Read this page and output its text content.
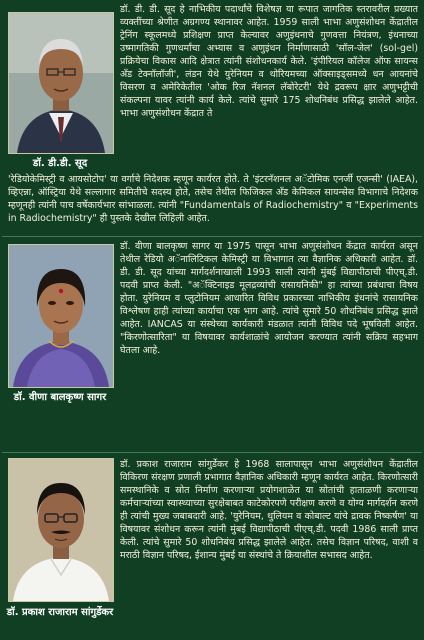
डॉ. डी.डी. सूद

डॉ. डी. डी. सूद हे नाभिकीय पदार्थांचे विशेषज्ञ या रूपात जागतिक स्तरावरील प्रख्यात व्यक्तींच्या श्रेणीत अग्रगण्य स्थानावर आहेत. 1959 साली भाभा अणुसंशोधन केंद्रातील ट्रेनिंग स्कूलमध्ये प्रशिक्षण प्राप्त केल्यावर अणुइंधनाचे गुणवत्ता नियंत्रण, इंधनाच्या उष्मागतिकी गुणधर्मांचा अभ्यास व अणुइंधन निर्माणासाठी 'सॉल-जेल' (sol-gel) प्रक्रियेचा विकास आदि क्षेत्रात त्यांनी संशोधनकार्य केले. 'इंपीरियल कॉलेज ऑफ सायन्स अँड टेक्नॉलॉजी', लंडन येथे युरेनियम व थोरियमच्या ऑक्साइड्समध्ये धन आयनांचे विसरण व अमेरिकेतील 'ओक रिज नॅशनल लॅबोरेटरी' येथे द्रवरूप क्षार अणुभट्टीची संकल्पना यावर त्यांनी कार्य केले. त्यांचे सुमारे 175 शोधनिबंध प्रसिद्ध झालेले आहेत. भाभा अणुसंशोधन केंद्रात ते

'रेडियोकेमिस्ट्री व आयसोटोप' या वर्गाचे निदेशक म्हणून कार्यरत होते. ते 'इंटरनॅशनल अॅटोमिक एनर्जी एजन्सी' (IAEA), व्हिएन्ना, ऑस्ट्रिया येथे सल्लागार समितीचे सदस्य होते, तसेच तेथील फिजिकल अँड केमिकल सायन्सेस विभागाचे निदेशक म्हणूनही त्यांनी पाच वर्षेकार्यभार सांभाळला. त्यांनी "Fundamentals of Radiochemistry" व "Experiments in Radiochemistry" ही पुस्तके देखील लिहिली आहेत.

डॉ. वीणा बालकृष्ण सागर

डॉ. वीणा बालकृष्ण सागर या 1975 पासून भाभा अणुसंशोधन केंद्रात कार्यरत असून तेथील रेडियो अॅनालिटिकल केमिस्ट्री या विभागात त्या वैज्ञानिक अधिकारी आहेत. डॉ. डी. डी. सूद यांच्या मार्गदर्शनाखाली 1993 साली त्यांनी मुंबई विद्यापीठाची पीएच्.डी. पदवी प्राप्त केली. "अॅक्टिनाइड मूलद्रव्यांची रासायनिकी" हा त्यांच्या प्रबंधाचा विषय होता. युरेनियम व प्लुटोनियम आधारित विविध प्रकारच्या नाभिकीय इंधनांचे रासायनिक विश्लेषण हाही त्यांच्या कार्याचा एक भाग आहे. त्यांचे सुमारे 50 शोधनिबंध प्रसिद्ध झाले आहेत. IANCAS या संस्थेच्या कार्यकारी मंडळात त्यांनी विविध पदे भूषविली आहेत. "किरणोत्सारिता" या विषयावर कार्यशाळांचे आयोजन करण्यात त्यांनी सक्रिय सहभाग घेतला आहे.

डॉ. प्रकाश राजाराम सांगुर्डेकर

डॉ. प्रकाश राजाराम सांगुर्डेकर हे 1968 सालापासून भाभा अणुसंशोधन केंद्रातील विकिरण संरक्षण प्रणाली प्रभागात वैज्ञानिक अधिकारी म्हणून कार्यरत आहेत. किरणोत्सारी समस्थानिके व स्रोत निर्माण करणाऱ्या प्रयोगशाळेत या स्रोतांची हाताळणी करणाऱ्या कर्मचाऱ्यांच्या स्वास्थ्याच्या सुरक्षेबाबत काटेकोरपणे परीक्षण करणे व योग्य मार्गदर्शन करणे ही त्यांची मुख्य जबाबदारी आहे. 'युरेनियम, थुलियम व कोबाल्ट यांचे द्रावक निष्कर्षण' या विषयावर संशोधन करून त्यांनी मुंबई विद्यापीठाची पीएच्.डी. पदवी 1986 साली प्राप्त केली. त्यांचे सुमारे 50 शोधनिबंध प्रसिद्ध झालेले आहेत. तसेच विज्ञान परिषद, वाशी व मराठी विज्ञान परिषद, ईशान्य मुंबई या संस्थांचे ते क्रियाशील सभासद आहेत.
